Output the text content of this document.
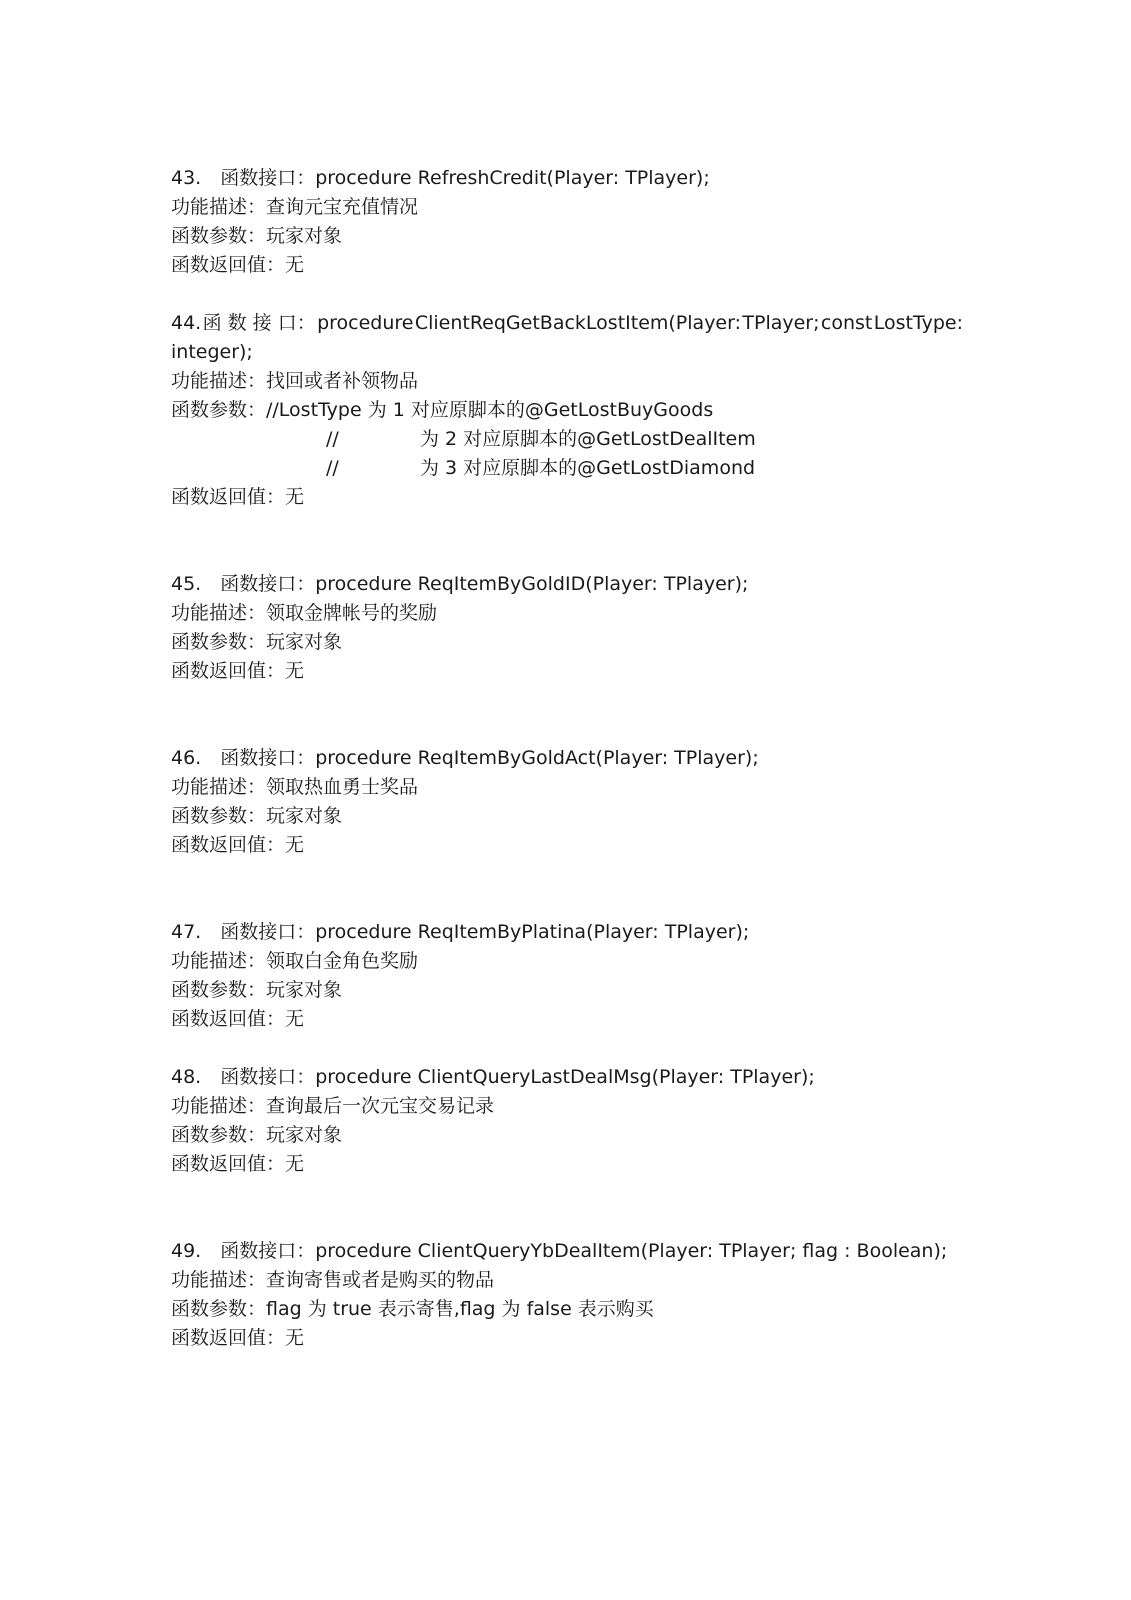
43.　函数接口：procedure RefreshCredit(Player: TPlayer);
功能描述：查询元宝充值情况
函数参数：玩家对象
函数返回值：无
44. 函 数 接 口： procedure ClientReqGetBackLostItem(Player: TPlayer; const LostType:
integer);
功能描述：找回或者补领物品
函数参数：//LostType 为 1 对应原脚本的@GetLostBuyGoods
//	为 2 对应原脚本的@GetLostDealItem
//	为 3 对应原脚本的@GetLostDiamond
函数返回值：无
45.　函数接口：procedure ReqItemByGoldID(Player: TPlayer);
功能描述：领取金牌帐号的奖励
函数参数：玩家对象
函数返回值：无
46.　函数接口：procedure ReqItemByGoldAct(Player: TPlayer);
功能描述：领取热血勇士奖品
函数参数：玩家对象
函数返回值：无
47.　函数接口：procedure ReqItemByPlatina(Player: TPlayer);
功能描述：领取白金角色奖励
函数参数：玩家对象
函数返回值：无
48.　函数接口：procedure ClientQueryLastDealMsg(Player: TPlayer);
功能描述：查询最后一次元宝交易记录
函数参数：玩家对象
函数返回值：无
49.　函数接口：procedure ClientQueryYbDealItem(Player: TPlayer; flag : Boolean);
功能描述：查询寄售或者是购买的物品
函数参数：flag 为 true 表示寄售,flag 为 false 表示购买
函数返回值：无
